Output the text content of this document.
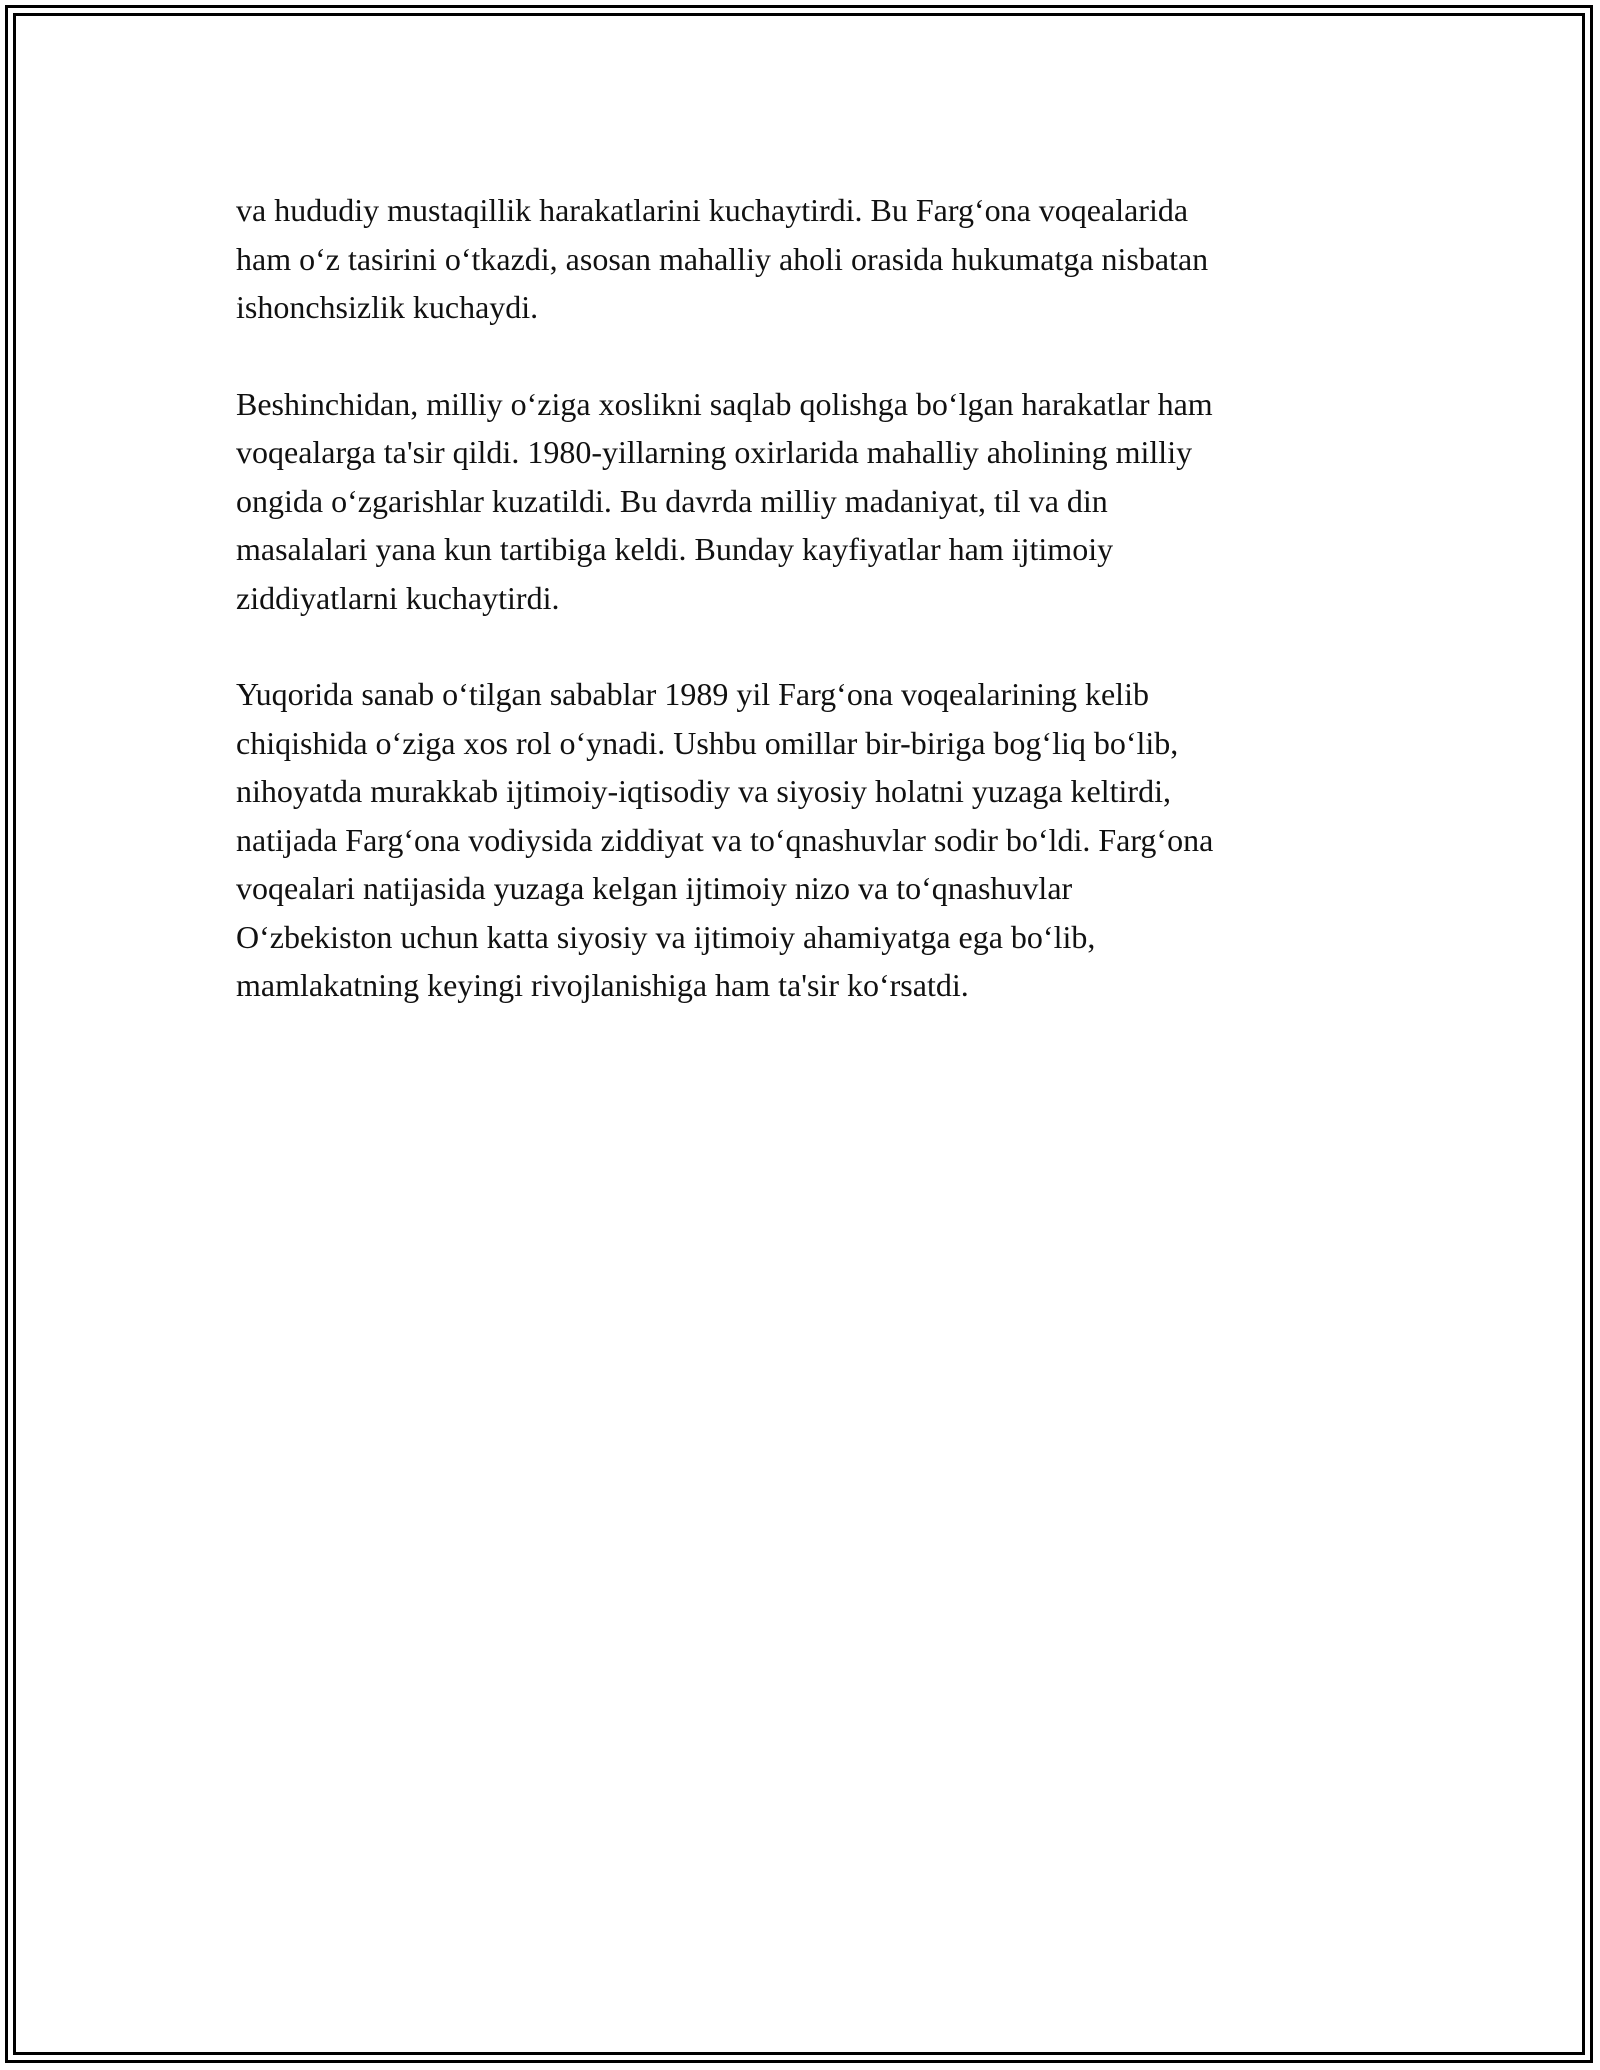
va hududiy mustaqillik harakatlarini kuchaytirdi. Bu Farg‘ona voqealarida
ham o‘z tasirini o‘tkazdi, asosan mahalliy aholi orasida hukumatga nisbatan
ishonchsizlik kuchaydi.

Beshinchidan, milliy o‘ziga xoslikni saqlab qolishga bo‘lgan harakatlar ham
voqealarga ta'sir qildi. 1980-yillarning oxirlarida mahalliy aholining milliy
ongida o‘zgarishlar kuzatildi. Bu davrda milliy madaniyat, til va din
masalalari yana kun tartibiga keldi. Bunday kayfiyatlar ham ijtimoiy
ziddiyatlarni kuchaytirdi.

Yuqorida sanab o‘tilgan sabablar 1989 yil Farg‘ona voqealarining kelib
chiqishida o‘ziga xos rol o‘ynadi. Ushbu omillar bir-biriga bog‘liq bo‘lib,
nihoyatda murakkab ijtimoiy-iqtisodiy va siyosiy holatni yuzaga keltirdi,
natijada Farg‘ona vodiysida ziddiyat va to‘qnashuvlar sodir bo‘ldi. Farg‘ona
voqealari natijasida yuzaga kelgan ijtimoiy nizo va to‘qnashuvlar
O‘zbekiston uchun katta siyosiy va ijtimoiy ahamiyatga ega bo‘lib,
mamlakatning keyingi rivojlanishiga ham ta'sir ko‘rsatdi.
